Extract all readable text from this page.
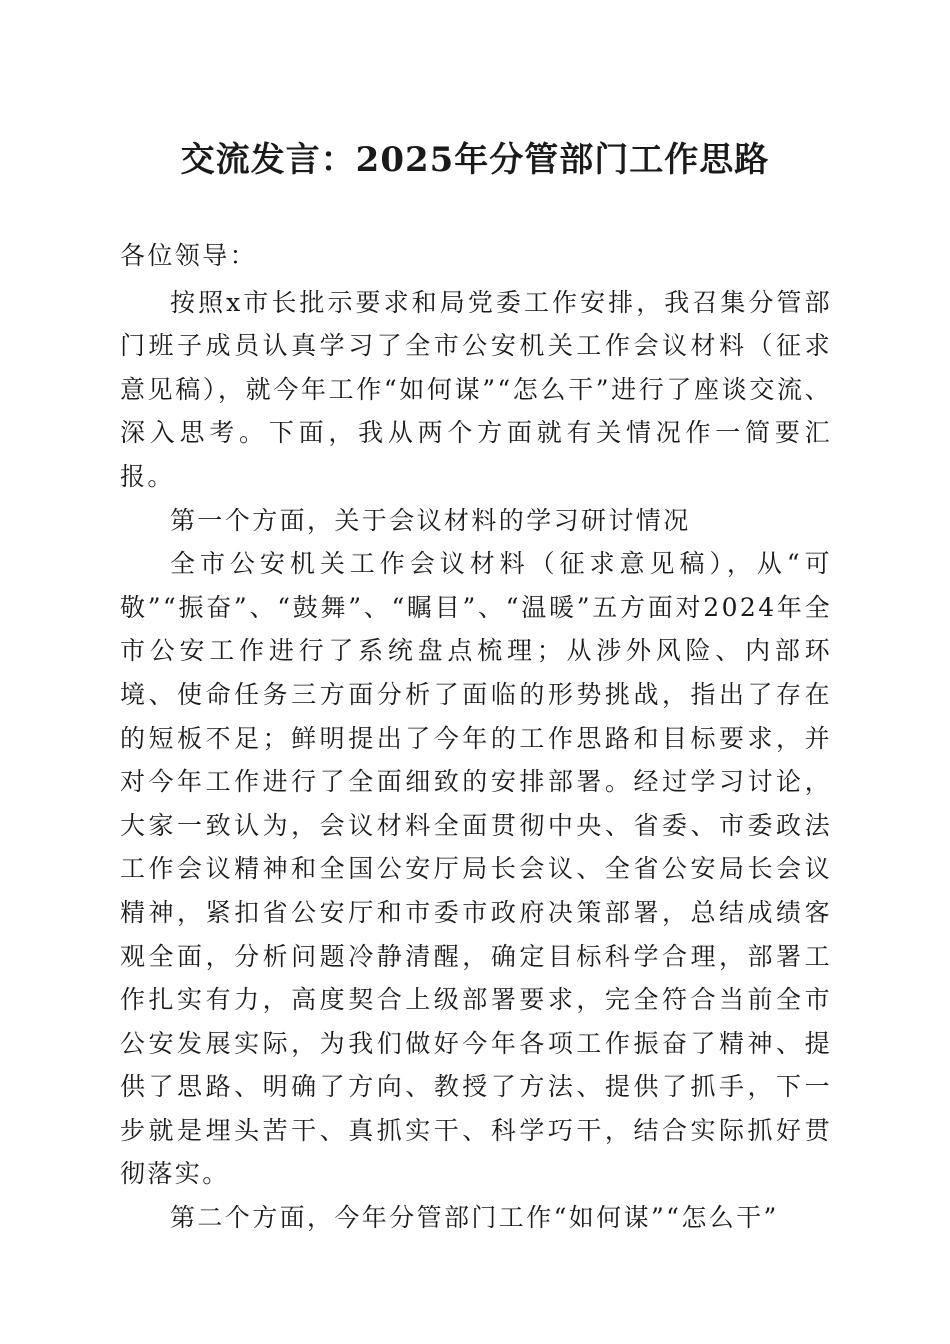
交流发言：2025年分管部门工作思路

各位领导：

按照x市长批示要求和局党委工作安排，我召集分管部门班子成员认真学习了全市公安机关工作会议材料（征求意见稿），就今年工作“如何谋”“怎么干”进行了座谈交流、深入思考。下面，我从两个方面就有关情况作一简要汇报。

第一个方面，关于会议材料的学习研讨情况

全市公安机关工作会议材料（征求意见稿），从“可敬”“振奋”、“鼓舞”、“瞩目”、“温暖”五方面对2024年全市公安工作进行了系统盘点梳理；从涉外风险、内部环境、使命任务三方面分析了面临的形势挑战，指出了存在的短板不足；鲜明提出了今年的工作思路和目标要求，并对今年工作进行了全面细致的安排部署。经过学习讨论，大家一致认为，会议材料全面贯彻中央、省委、市委政法工作会议精神和全国公安厅局长会议、全省公安局长会议精神，紧扣省公安厅和市委市政府决策部署，总结成绩客观全面，分析问题冷静清醒，确定目标科学合理，部署工作扎实有力，高度契合上级部署要求，完全符合当前全市公安发展实际，为我们做好今年各项工作振奋了精神、提供了思路、明确了方向、教授了方法、提供了抓手，下一步就是埋头苦干、真抓实干、科学巧干，结合实际抓好贯彻落实。

第二个方面，今年分管部门工作“如何谋”“怎么干”
